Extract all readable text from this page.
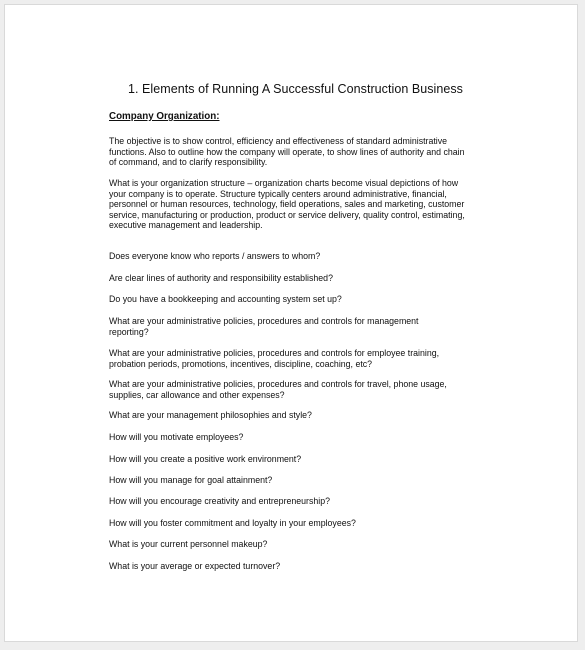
1. Elements of Running A Successful Construction Business
Company Organization:

The objective is to show control, efficiency and effectiveness of standard administrative functions. Also to outline how the company will operate, to show lines of authority and chain of command, and to clarify responsibility.

What is your organization structure – organization charts become visual depictions of how your company is to operate. Structure typically centers around administrative, financial, personnel or human resources, technology, field operations, sales and marketing, customer service, manufacturing or production, product or service delivery, quality control, estimating, executive management and leadership.

Does everyone know who reports / answers to whom?

Are clear lines of authority and responsibility established?

Do you have a bookkeeping and accounting system set up?

What are your administrative policies, procedures and controls for management reporting?

What are your administrative policies, procedures and controls for employee training, probation periods, promotions, incentives, discipline, coaching, etc?

What are your administrative policies, procedures and controls for travel, phone usage, supplies, car allowance and other expenses?

What are your management philosophies and style?

How will you motivate employees?

How will you create a positive work environment?

How will you manage for goal attainment?

How will you encourage creativity and entrepreneurship?

How will you foster commitment and loyalty in your employees?

What is your current personnel makeup?

What is your average or expected turnover?
